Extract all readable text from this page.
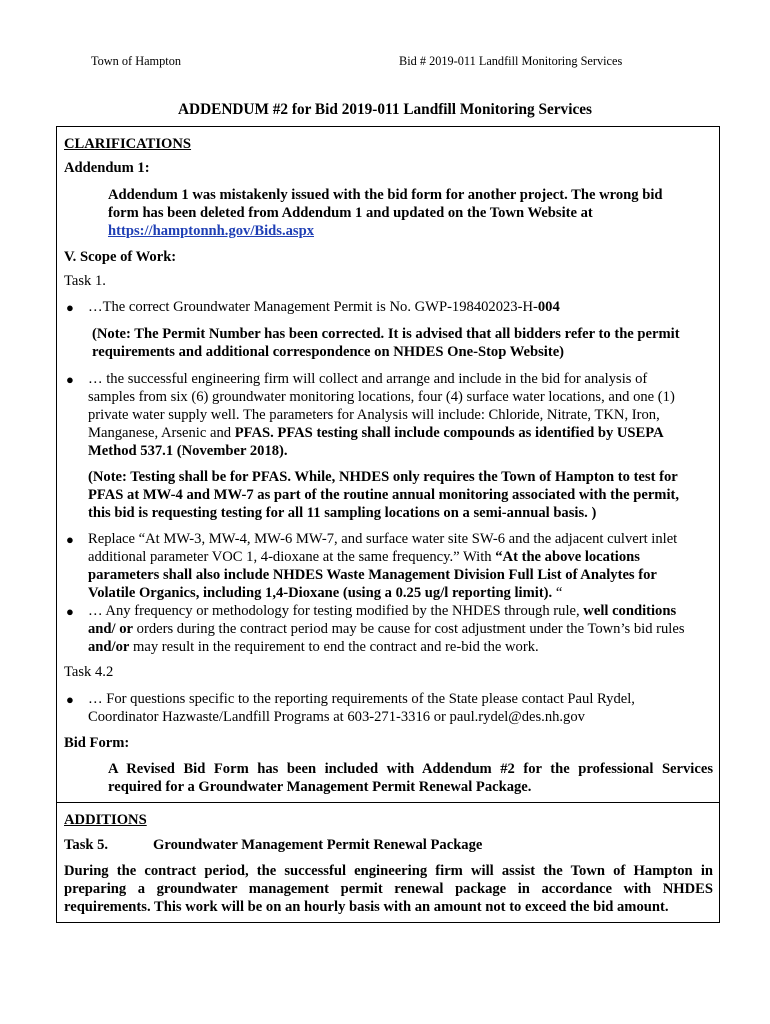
Town of Hampton	Bid # 2019-011 Landfill Monitoring Services
ADDENDUM #2 for Bid 2019-011 Landfill Monitoring Services
CLARIFICATIONS
Addendum 1:
Addendum 1 was mistakenly issued with the bid form for another project. The wrong bid
form has been deleted from Addendum 1 and updated on the Town Website at
https://hamptonnh.gov/Bids.aspx
V. Scope of Work:
Task 1.
● …The correct Groundwater Management Permit is No. GWP-198402023-H-004
(Note: The Permit Number has been corrected. It is advised that all bidders refer to the permit
requirements and additional correspondence on NHDES One-Stop Website)
● … the successful engineering firm will collect and arrange and include in the bid for analysis of
samples from six (6) groundwater monitoring locations, four (4) surface water locations, and one (1)
private water supply well. The parameters for Analysis will include: Chloride, Nitrate, TKN, Iron,
Manganese, Arsenic and PFAS. PFAS testing shall include compounds as identified by USEPA
Method 537.1 (November 2018).
(Note: Testing shall be for PFAS. While, NHDES only requires the Town of Hampton to test for
PFAS at MW-4 and MW-7 as part of the routine annual monitoring associated with the permit,
this bid is requesting testing for all 11 sampling locations on a semi-annual basis. )
● Replace “At MW-3, MW-4, MW-6 MW-7, and surface water site SW-6 and the adjacent culvert inlet
additional parameter VOC 1, 4-dioxane at the same frequency.” With “At the above locations
parameters shall also include NHDES Waste Management Division Full List of Analytes for
Volatile Organics, including 1,4-Dioxane (using a 0.25 ug/l reporting limit). “
● … Any frequency or methodology for testing modified by the NHDES through rule, well conditions
and/ or orders during the contract period may be cause for cost adjustment under the Town’s bid rules
and/or may result in the requirement to end the contract and re-bid the work.
Task 4.2
● … For questions specific to the reporting requirements of the State please contact Paul Rydel,
Coordinator Hazwaste/Landfill Programs at 603-271-3316 or paul.rydel@des.nh.gov
Bid Form:
A Revised Bid Form has been included with Addendum #2 for the professional Services
required for a Groundwater Management Permit Renewal Package.
ADDITIONS
Task 5.	Groundwater Management Permit Renewal Package
During the contract period, the successful engineering firm will assist the Town of Hampton in
preparing a groundwater management permit renewal package in accordance with NHDES
requirements. This work will be on an hourly basis with an amount not to exceed the bid amount.
